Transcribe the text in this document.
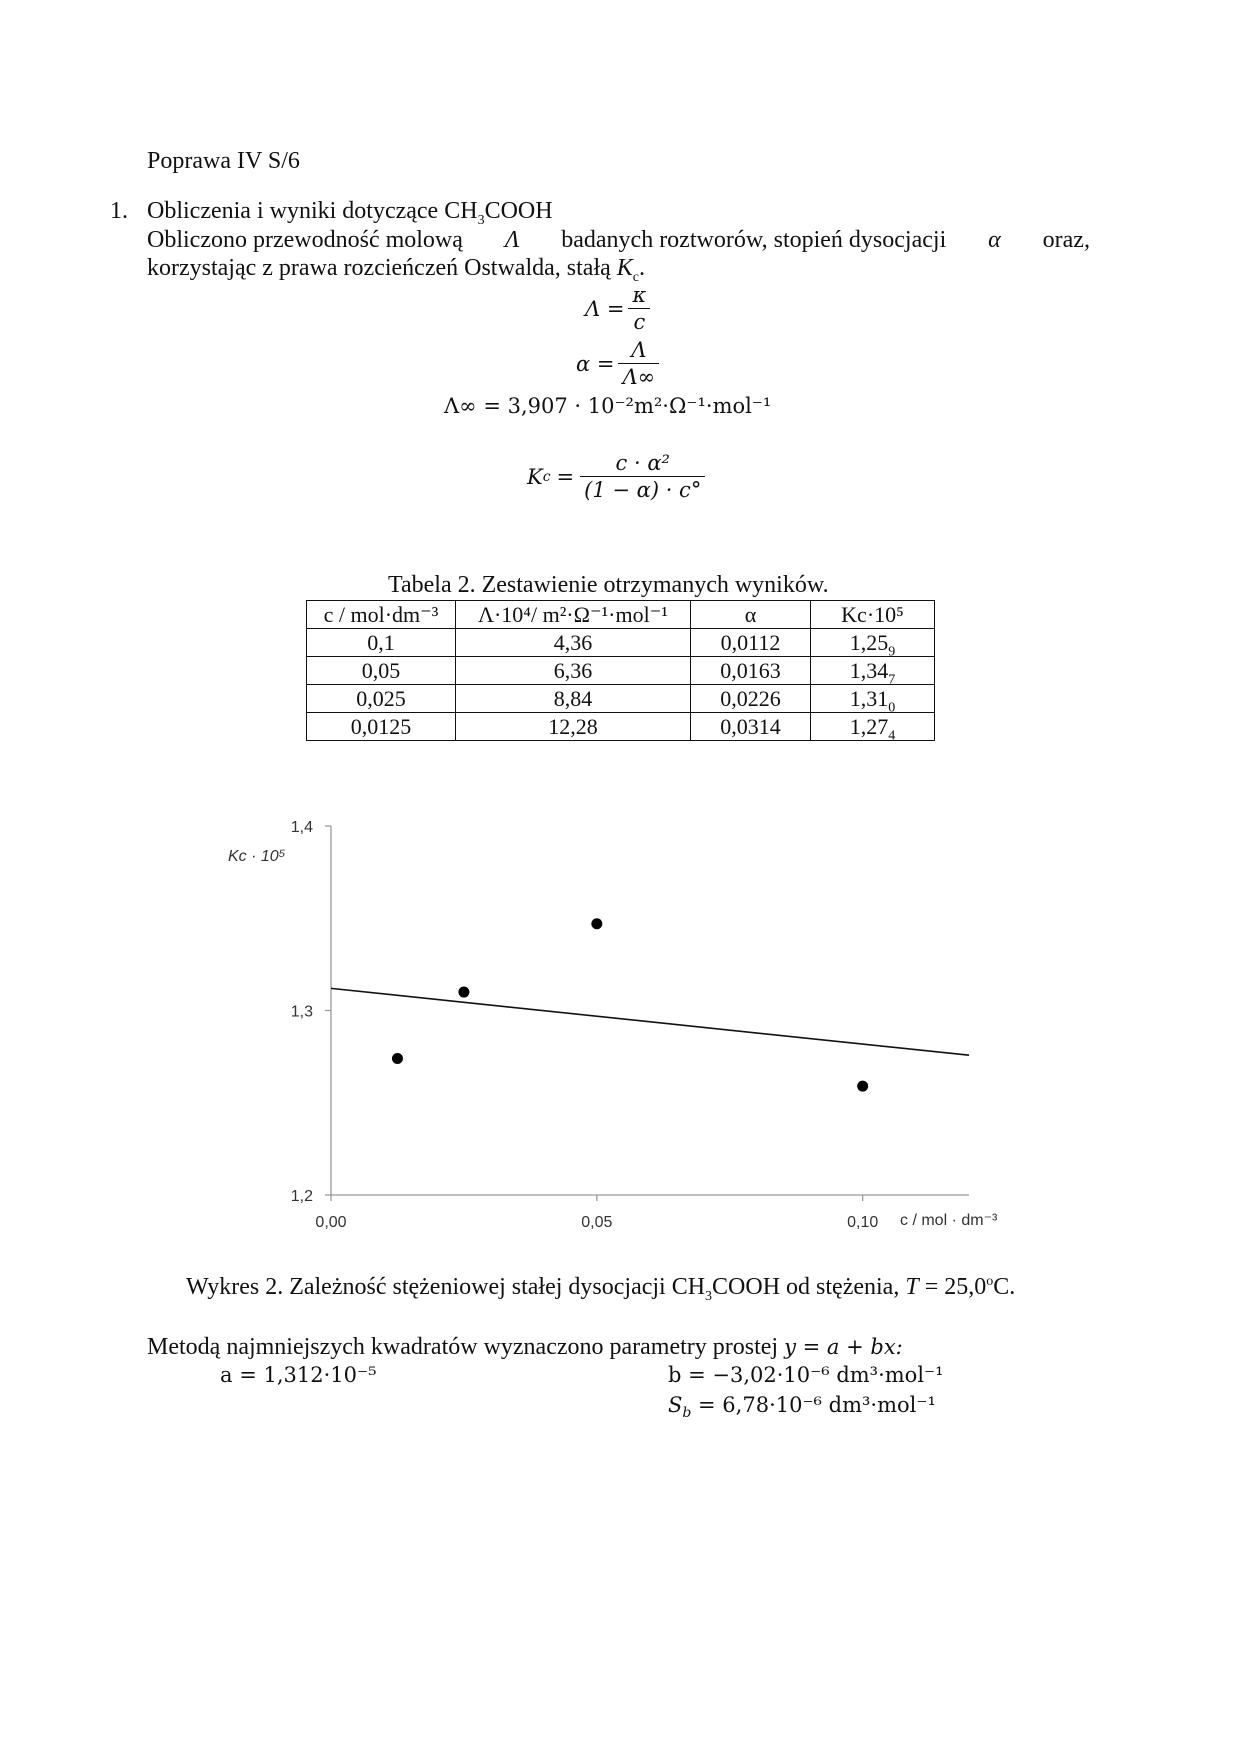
Poprawa IV S/6
1. Obliczenia i wyniki dotyczące $CH_3COOH$
Obliczono przewodność molową Λ badanych roztworów, stopień dysocjacji α oraz,
korzystając z prawa rozcieńczeń Ostwalda, stałą $K_c$.
$\Lambda = \frac{\kappa}{c}$
$\alpha = \frac{\Lambda}{\Lambda\infty}$
Λ∞ = 3,907 · 10⁻²m²·Ω⁻¹·mol⁻¹
K $c = \frac{\text{c · α²}}{(1 - \alpha) \cdot c^\circ}$
Tabela 2. Zestawienie otrzymanych wyników.
c / mol·dm⁻³	Λ·10⁴/ m²·Ω⁻¹·mol⁻¹	α	Kc·10⁵
0,1	4,36	0,0112	$1,25_9$
0,05	6,36	0,0163	$1,34_7$
0,025	8,84	0,0226	$1,31_0$
0,0125	12,28	0,0314	$1,27_4$
1,2
1,3
1,4
0,00	0,05	0,10
Kc · 10⁵
c / mol · dm⁻³
Wykres 2. Zależność stężeniowej stałej dysocjacji $CH_3COOH$ od stężenia, $T = 25,0^oC$.
Metodą najmniejszych kwadratów wyznaczono parametry prostej y = a + bx:
a = 1,312·10⁻⁵	b = −3,02·10⁻⁶ dm³·mol⁻¹
$S_b = 6,78\cdot 10^{-6}$ dm³·mol⁻¹
